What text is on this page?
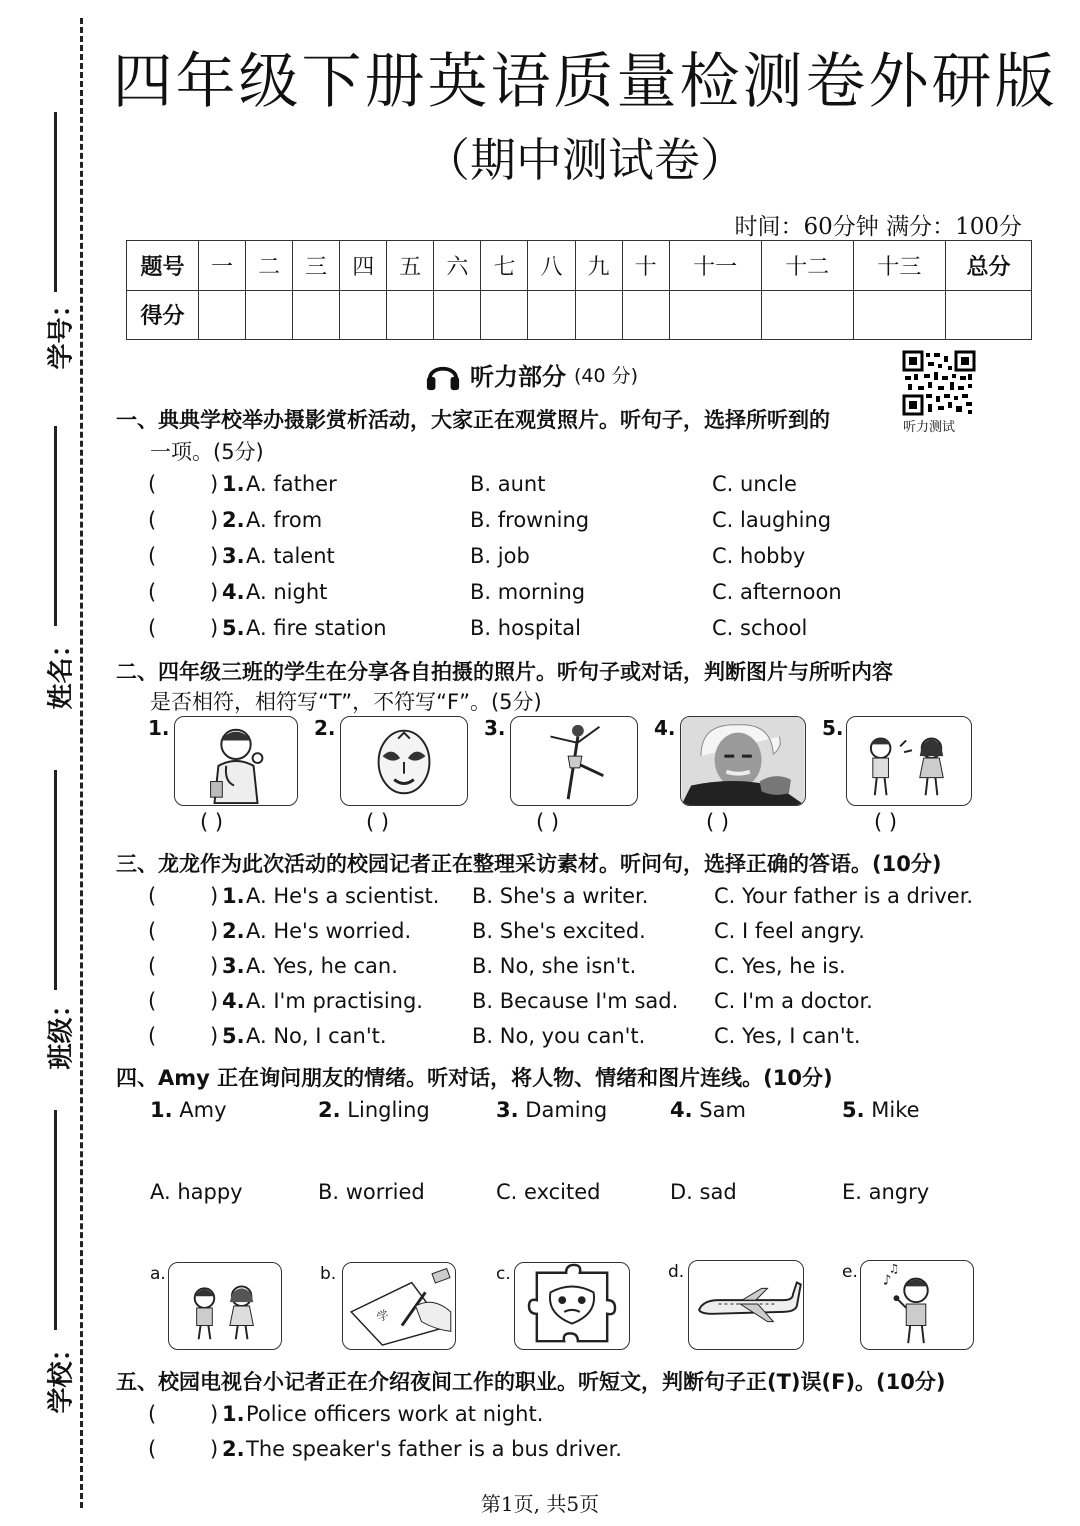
学号：
姓名：
班级：
学校：
四年级下册英语质量检测卷外研版
（期中测试卷）
时间：60分钟 满分：100分
题号	一	二	三	四	五	六	七	八	九	十	十一	十二	十三	总分
得分														
听力部分 (40 分)
听力测试
一、典典学校举办摄影赏析活动，大家正在观赏照片。听句子，选择所听到的
一项。(5分)
(	) 1. A. father	B. aunt	C. uncle
(	) 2. A. from	B. frowning	C. laughing
(	) 3. A. talent	B. job	C. hobby
(	) 4. A. night	B. morning	C. afternoon
(	) 5. A. fire station	B. hospital	C. school
二、四年级三班的学生在分享各自拍摄的照片。听句子或对话，判断图片与所听内容
是否相符，相符写“T”，不符写“F”。(5分)
1.	2.	3.	4.	5.
( )	( )	( )	( )	( )
三、龙龙作为此次活动的校园记者正在整理采访素材。听问句，选择正确的答语。(10分)
(	) 1. A. He's a scientist. B. She's a writer.	C. Your father is a driver.
(	) 2. A. He's worried.	B. She's excited.	C. I feel angry.
(	) 3. A. Yes, he can.	B. No, she isn't.	C. Yes, he is.
(	) 4. A. I'm practising. B. Because I'm sad. C. I'm a doctor.
(	) 5. A. No, I can't.	B. No, you can't.	C. Yes, I can't.
四、Amy 正在询问朋友的情绪。听对话，将人物、情绪和图片连线。(10分)
1. Amy	2. Lingling	3. Daming	4. Sam	5. Mike
A. happy	B. worried	C. excited	D. sad	E. angry
a.	b.
学
c.	d.	e. ♪
♫
五、校园电视台小记者正在介绍夜间工作的职业。听短文，判断句子正(T)误(F)。(10分)
(	) 1. Police officers work at night.
(	) 2. The speaker's father is a bus driver.
第1页, 共5页
